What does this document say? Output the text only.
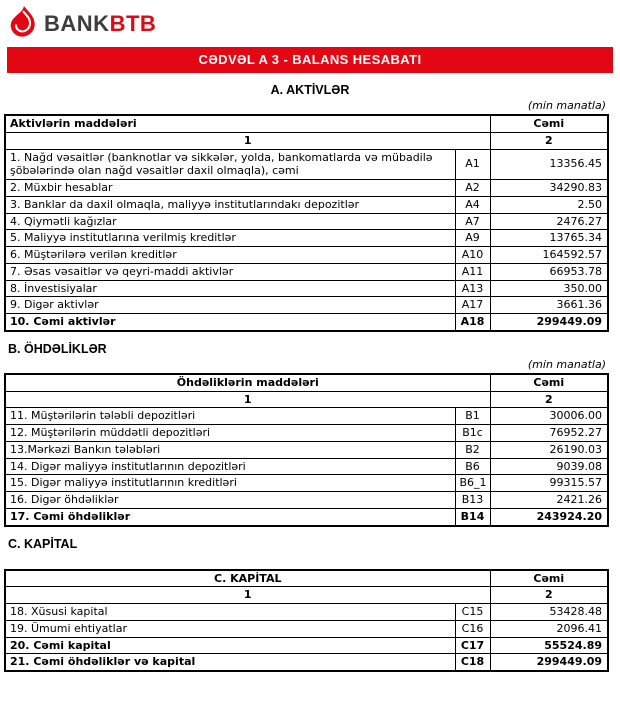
BANK BTB
CƏDVƏL A 3 - BALANS HESABATI
A. AKTİVLƏR
(min manatla)
Aktivlərin maddələri		Cəmi
1		2
1. Nağd vəsaitlər (banknotlar və sikkələr, yolda, bankomatlarda və mübadilə şöbələrində olan nağd vəsaitlər daxil olmaqla), cəmi	A1	13356.45
2. Müxbir hesablar	A2	34290.83
3. Banklar da daxil olmaqla, maliyyə institutlarındakı depozitlər	A4	2.50
4. Qiymətli kağızlar	A7	2476.27
5. Maliyyə institutlarına verilmiş kreditlər	A9	13765.34
6. Müştərilərə verilən kreditlər	A10	164592.57
7. Əsas vəsaitlər və qeyri-maddi aktivlər	A11	66953.78
8. İnvestisiyalar	A13	350.00
9. Digər aktivlər	A17	3661.36
10. Cəmi aktivlər	A18	299449.09
B. ÖHDƏLİKLƏR
(min manatla)
Öhdəliklərin maddələri		Cəmi
1		2
11. Müştərilərin tələbli depozitləri	B1	30006.00
12. Müştərilərin müddətli depozitləri	B1c	76952.27
13.Mərkəzi Bankın tələbləri	B2	26190.03
14. Digər maliyyə institutlarının depozitləri	B6	9039.08
15. Digər maliyyə institutlarının kreditləri	B6_1	99315.57
16. Digər öhdəliklər	B13	2421.26
17. Cəmi öhdəliklər	B14	243924.20
C. KAPİTAL
C. KAPİTAL		Cəmi
1		2
18. Xüsusi kapital	C15	53428.48
19. Ümumi ehtiyatlar	C16	2096.41
20. Cəmi kapital	C17	55524.89
21. Cəmi öhdəliklər və kapital	C18	299449.09
